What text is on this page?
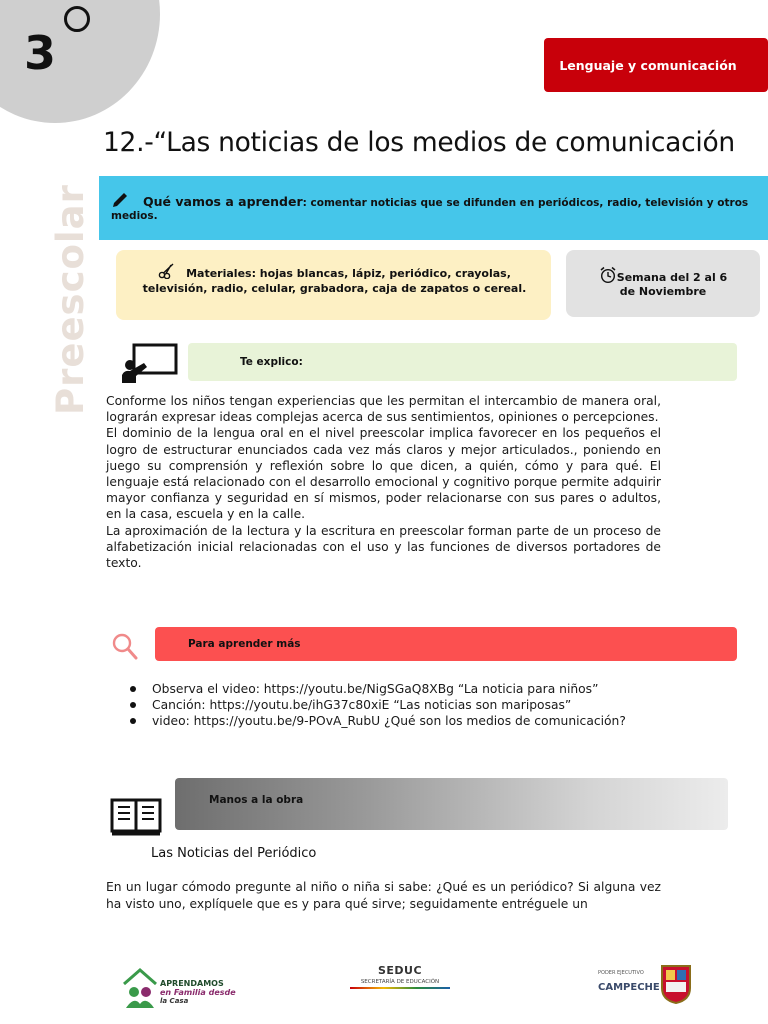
3	Lenguaje y comunicación
12.-“Las noticias de los medios de comunicación
Preescolar	Qué vamos a aprender: comentar noticias que se difunden en periódicos, radio, televisión y otros medios.
Materiales: hojas blancas, lápiz, periódico, crayolas, televisión, radio, celular, grabadora, caja de zapatos o cereal.
Semana del 2 al 6
de Noviembre
Te explico:

Conforme los niños tengan experiencias que les permitan el intercambio de manera oral, lograrán expresar ideas complejas acerca de sus sentimientos, opiniones o percepciones.

El dominio de la lengua oral en el nivel preescolar implica favorecer en los pequeños el logro de estructurar enunciados cada vez más claros y mejor articulados., poniendo en juego su comprensión y reflexión sobre lo que dicen, a quién, cómo y para qué. El lenguaje está relacionado con el desarrollo emocional y cognitivo porque permite adquirir mayor confianza y seguridad en sí mismos, poder relacionarse con sus pares o adultos, en la casa, escuela y en la calle.

La aproximación de la lectura y la escritura en preescolar forman parte de un proceso de alfabetización inicial relacionadas con el uso y las funciones de diversos portadores de texto.

Para aprender más
Observa el video: https://youtu.be/NigSGaQ8XBg “La noticia para niños”
Canción: https://youtu.be/ihG37c80xiE “Las noticias son mariposas”
video: https://youtu.be/9-POvA_RubU ¿Qué son los medios de comunicación?
Manos a la obra
Las Noticias del Periódico
En un lugar cómodo pregunte al niño o niña si sabe: ¿Qué es un periódico? Si alguna vez ha visto uno, explíquele que es y para qué sirve; seguidamente entréguele un
APRENDAMOS
en Familia desde
la Casa
SEDUC
SECRETARÍA DE EDUCACIÓN
PODER EJECUTIVO
CAMPECHE
